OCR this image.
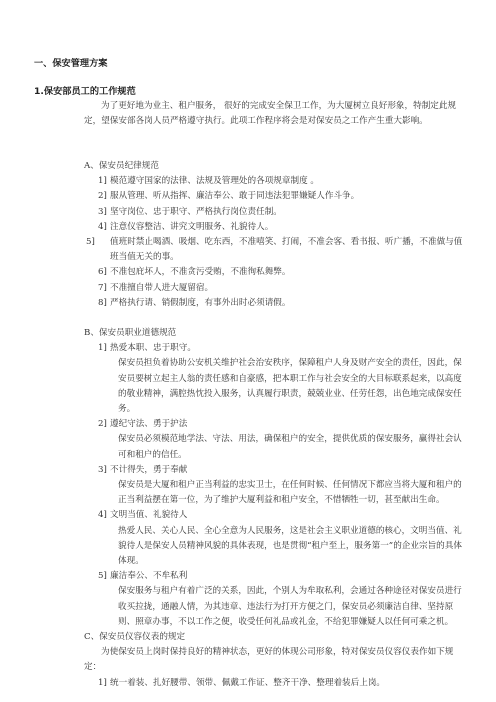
一、保安管理方案
1.保安部员工的工作规范

为了更好地为业主、租户服务， 很好的完成安全保卫工作，为大厦树立良好形象，特制定此规定，望保安部各岗人员严格遵守执行。此项工作程序将会是对保安员之工作产生重大影响。

A、保安员纪律规范
1] 模范遵守国家的法律、法规及管理处的各项规章制度 。
2] 服从管理、听从指挥、廉洁奉公、敢于同违法犯罪嫌疑人作斗争。
3] 坚守岗位、忠于职守、严格执行岗位责任制。
4] 注意仪容整洁、讲究文明服务、礼貌待人。
5] 值班时禁止喝酒、吸烟、吃东西，不准嘻笑、打闹，不准会客、看书报、听广播，不准做与值班当值无关的事。
6] 不准包庇坏人，不准贪污受贿，不准徇私舞弊。
7] 不准擅自带人进大厦留宿。
8] 严格执行请、销假制度，有事外出时必须请假。
B、保安员职业道德规范
1] 热爱本职、忠于职守。
保安员担负着协助公安机关维护社会治安秩序，保障租户人身及财产安全的责任，因此，保安员要树立起主人翁的责任感和自豪感，把本职工作与社会安全的大目标联系起来，以高度的敬业精神，满腔热忱投入服务，认真履行职责，兢兢业业、任劳任怨，出色地完成保安任务。
2] 遵纪守法、勇于护法
保安员必须模范地学法、守法、用法，确保租户的安全，提供优质的保安服务，赢得社会认可和租户的信任。
3] 不计得失，勇于奉献
保安员是大厦和租户正当利益的忠实卫士，在任何时候、任何情况下都应当将大厦和租户的正当利益摆在第一位，为了维护大厦利益和租户安全，不惜牺牲一切，甚至献出生命。
4] 文明当值、礼貌待人
热爱人民、关心人民、全心全意为人民服务，这是社会主义职业道德的核心，文明当值、礼貌待人是保安人员精神风貌的具体表现，也是贯彻“租户至上，服务第一”的企业宗旨的具体体现。
5] 廉洁奉公、不牟私利
保安服务与租户有着广泛的关系，因此，个别人为牟取私利，会通过各种途径对保安员进行收买拉拢，通融人情，为其违章、违法行为打开方便之门，保安员必须廉洁自律、坚持原则、照章办事，不以工作之便，收受任何礼品或礼金，不给犯罪嫌疑人以任何可乘之机。
C、保安员仪容仪表的规定
为使保安员上岗时保持良好的精神状态，更好的体现公司形象，特对保安员仪容仪表作如下规定：
1] 统一着装、扎好腰带、领带、佩戴工作证、整齐干净、整理着装后上岗。
